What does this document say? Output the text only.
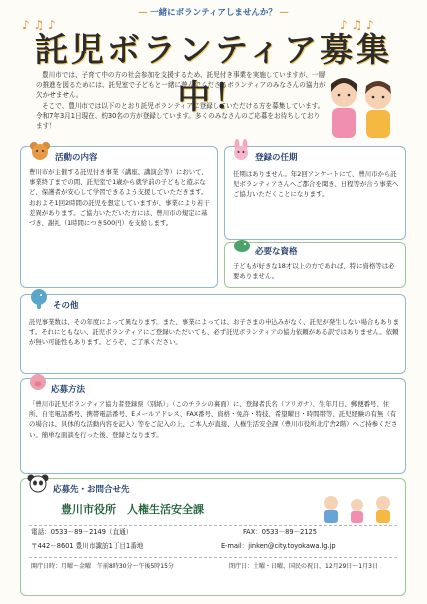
― 一緒にボランティアしませんか？ ―
♪ ♫ ♪	♪ ♫ ♪
託児ボランティア募集中！
豊川市では、子育て中の方の社会参加を支援するため、託児付き事業を実施していますが、一層の推進を図るためには、託児室で子どもと一緒に遊んでくださるボランティアのみなさんの協力が欠かせません。
そこで、豊川市では以下のとおり託児ボランティアに登録していただける方を募集しています。令和7年3月1日現在、約30名の方が登録しています。多くのみなさんのご応募をお待ちしております！
活動の内容
豊川市が主催する託児付き事業（講座、講演会等）において、事業終了までの間、託児室で1歳から就学前の子どもと遊ぶなど、保護者が安心して学習できるよう支援していただきます。おおよそ1回2時間の託児を想定していますが、事業により若干差異があります。ご協力いただいた方には、豊川市の規定に基づき、謝礼（1時間につき500円）を支給します。
登録の任期
任期はありません。年2回アンケートにて、豊川市から託児ボランティアさんへご都合を聞き、日程等が合う事業へご協力いただくことになります。
必要な資格
子どもが好きな18才以上の方であれば、特に資格等は必要ありません。
その他
託児事業数は、その年度によって異なります。また、事業によっては、お子さまの申込みがなく、託児が発生しない場合もあります。それにともない、託児ボランティアにご登録いただいても、必ず託児ボランティアの協力依頼がある訳ではありません。依頼が無い可能性もあります。どうぞ、ご了承ください。
応募方法
「豊川市託児ボランティア協力者登録票（別紙）」（このチラシの裏面）に、登録者氏名（フリガナ）、生年月日、郵便番号、住所、自宅電話番号、携帯電話番号、Eメールアドレス、FAX番号、資格・免許・特技、希望曜日・時間帯等、託児経験の有無（有の場合は、具体的な活動内容を記入）等をご記入の上、ご本人が直接、人権生活安全課（豊川市役所北庁舎2階）へご持参ください。簡単な面談を行った後、登録となります。
応募先・お問合せ先
豊川市役所　人権生活安全課
電話：0533－89－2149（直通）	FAX：0533－89－2125
〒442－8601 豊川市諏訪1丁目1番地	E-mail：jinken@city.toyokawa.lg.jp
開庁日時：月曜～金曜　午前8時30分～午後5時15分	閉庁日：土曜・日曜、国民の祝日、12月29日～1月3日
